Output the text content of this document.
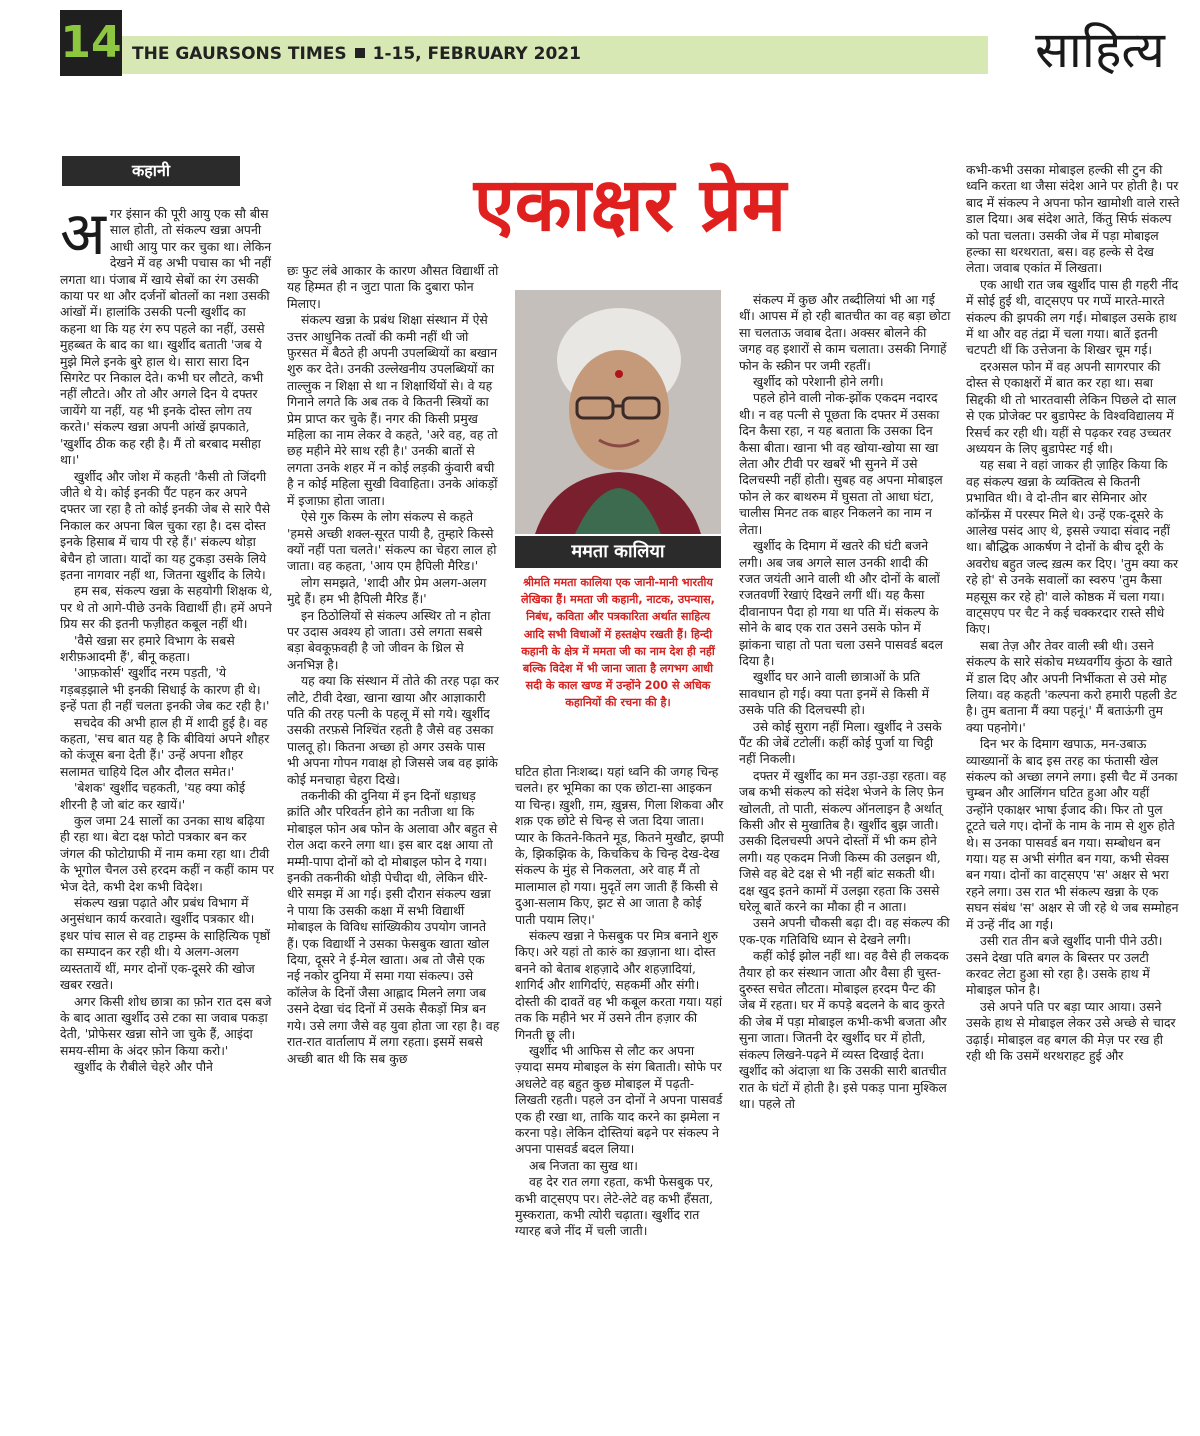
14 THE GAURSONS TIMES 1-15, FEBRUARY 2021	साहित्य
कहानी	एकाक्षर प्रेम
ममता कालिया
श्रीमति ममता कालिया एक जानी-मानी भारतीय लेखिका हैं। ममता जी कहानी, नाटक, उपन्यास, निबंध, कविता और पत्रकारिता अर्थात साहित्य आदि सभी विधाओं में हस्तक्षेप रखती हैं। हिन्दी कहानी के क्षेत्र में ममता जी का नाम देश ही नहीं बल्कि विदेश में भी जाना जाता है लगभग आधी सदी के काल खण्ड में उन्होंने 200 से अधिक कहानियों की रचना की है।
अ गर इंसान की पूरी आयु एक सौ बीस साल होती, तो संकल्प खन्ना अपनी आधी आयु पार कर चुका था। लेकिन देखने में वह अभी पचास का भी नहीं लगता था। पंजाब में खाये सेबों का रंग उसकी काया पर था और दर्जनों बोतलों का नशा उसकी आंखों में। हालांकि उसकी पत्नी खुर्शीद का कहना था कि यह रंग रुप पहले का नहीं, उससे मुहब्बत के बाद का था। खुर्शीद बताती 'जब ये मुझे मिले इनके बुरे हाल थे। सारा सारा दिन सिगरेट पर निकाल देते। कभी घर लौटते, कभी नहीं लौटते। और तो और अगले दिन ये दफ्तर जायेंगे या नहीं, यह भी इनके दोस्त लोग तय करते।' संकल्प खन्ना अपनी आंखें झपकाते, 'खुर्शीद ठीक कह रही है। मैं तो बरबाद मसीहा था।'

खुर्शीद और जोश में कहती 'कैसी तो जिंदगी जीते थे ये। कोई इनकी पैंट पहन कर अपने दफ्तर जा रहा है तो कोई इनकी जेब से सारे पैसे निकाल कर अपना बिल चुका रहा है। दस दोस्त इनके हिसाब में चाय पी रहे हैं।' संकल्प थोड़ा बेचैन हो जाता। यादों का यह टुकड़ा उसके लिये इतना नागवार नहीं था, जितना खुर्शीद के लिये।

हम सब, संकल्प खन्ना के सहयोगी शिक्षक थे, पर थे तो आगे-पीछे उनके विद्यार्थी ही। हमें अपने प्रिय सर की इतनी फज़ीहत कबूल नहीं थी।

'वैसे खन्ना सर हमारे विभाग के सबसे शरीफ़आदमी हैं', बीनू कहता।

'आफ़कोर्स' खुर्शीद नरम पड़ती, 'ये गड़बड़झाले भी इनकी सिधाई के कारण ही थे। इन्हें पता ही नहीं चलता इनकी जेब कट रही है।'

सचदेव की अभी हाल ही में शादी हुई है। वह कहता, 'सच बात यह है कि बीवियां अपने शौहर को कंजूस बना देती हैं।' उन्हें अपना शौहर सलामत चाहिये दिल और दौलत समेत।'

'बेशक' खुर्शीद चहकती, 'यह क्या कोई शीरनी है जो बांट कर खायें।'

कुल जमा 24 सालों का उनका साथ बढ़िया ही रहा था। बेटा दक्ष फोटो पत्रकार बन कर जंगल की फोटोग्राफी में नाम कमा रहा था। टीवी के भूगोल चैनल उसे हरदम कहीं न कहीं काम पर भेज देते, कभी देश कभी विदेश।

संकल्प खन्ना पढ़ाते और प्रबंध विभाग में अनुसंधान कार्य करवाते। खुर्शीद पत्रकार थी। इधर पांच साल से वह टाइम्स के साहित्यिक पृष्ठों का सम्पादन कर रही थी। ये अलग-अलग व्यस्ततायें थीं, मगर दोनों एक-दूसरे की खोज खबर रखते।

अगर किसी शोध छात्रा का फ़ोन रात दस बजे के बाद आता खुर्शीद उसे टका सा जवाब पकड़ा देती, 'प्रोफेसर खन्ना सोने जा चुके हैं, आइंदा समय-सीमा के अंदर फ़ोन किया करो।'

खुर्शीद के रौबीले चेहरे और पौने

छः फुट लंबे आकार के कारण औसत विद्यार्थी तो यह हिम्मत ही न जुटा पाता कि दुबारा फोन मिलाए।

संकल्प खन्ना के प्रबंध शिक्षा संस्थान में ऐसे उत्तर आधुनिक तत्वों की कमी नहीं थी जो फ़ुरसत में बैठते ही अपनी उपलब्धियों का बखान शुरु कर देते। उनकी उल्लेखनीय उपलब्धियों का ताल्लुक न शिक्षा से था न शिक्षार्थियों से। वे यह गिनाने लगते कि अब तक वे कितनी स्त्रियों का प्रेम प्राप्त कर चुके हैं। नगर की किसी प्रमुख महिला का नाम लेकर वे कहते, 'अरे वह, वह तो छह महीने मेरे साथ रही है।' उनकी बातों से लगता उनके शहर में न कोई लड़की कुंवारी बची है न कोई महिला सुखी विवाहिता। उनके आंकड़ों में इजाफ़ा होता जाता।

ऐसे गुरु किस्म के लोग संकल्प से कहते 'हमसे अच्छी शक्ल-सूरत पायी है, तुम्हारे किस्से क्यों नहीं पता चलते।' संकल्प का चेहरा लाल हो जाता। वह कहता, 'आय एम हैपिली मैरिड।'

लोग समझते, 'शादी और प्रेम अलग-अलग मुद्दे हैं। हम भी हैपिली मैरिड हैं।'

इन ठिठोलियों से संकल्प अस्थिर तो न होता पर उदास अवश्य हो जाता। उसे लगता सबसे बड़ा बेवकूफ़वही है जो जीवन के थ्रिल से अनभिज्ञ है।

यह क्या कि संस्थान में तोते की तरह पढ़ा कर लौटे, टीवी देखा, खाना खाया और आज्ञाकारी पति की तरह पत्नी के पहलू में सो गये। खुर्शीद उसकी तरफ़से निश्चिंत रहती है जैसे वह उसका पालतू हो। कितना अच्छा हो अगर उसके पास भी अपना गोपन गवाक्ष हो जिससे जब वह झांके कोई मनचाहा चेहरा दिखे।

तकनीकी की दुनिया में इन दिनों धड़ाधड़ क्रांति और परिवर्तन होने का नतीजा था कि मोबाइल फोन अब फोन के अलावा और बहुत से रोल अदा करने लगा था। इस बार दक्ष आया तो मम्मी-पापा दोनों को दो मोबाइल फोन दे गया। इनकी तकनीकी थोड़ी पेचीदा थी, लेकिन धीरे-धीरे समझ में आ गई। इसी दौरान संकल्प खन्ना ने पाया कि उसकी कक्षा में सभी विद्यार्थी मोबाइल के विविध सांख्यिकीय उपयोग जानते हैं। एक विद्यार्थी ने उसका फेसबुक खाता खोल दिया, दूसरे ने ई-मेल खाता। अब तो जैसे एक नई नकोर दुनिया में समा गया संकल्प। उसे कॉलेज के दिनों जैसा आह्लाद मिलने लगा जब उसने देखा चंद दिनों में उसके सैकड़ों मित्र बन गये। उसे लगा जैसे वह युवा होता जा रहा है। वह रात-रात वार्तालाप में लगा रहता। इसमें सबसे अच्छी बात थी कि सब कुछ

घटित होता निःशब्द। यहां ध्वनि की जगह चिन्ह चलते। हर भूमिका का एक छोटा-सा आइकन या चिन्ह। ख़ुशी, ग़म, ख़ुन्नस, गिला शिकवा और शक़ एक छोटे से चिन्ह से जता दिया जाता। प्यार के कितने-कितने मूड, कितने मुखौट, झप्पी के, झिकझिक के, किचकिच के चिन्ह देख-देख संकल्प के मुंह से निकलता, अरे वाह मैं तो मालामाल हो गया। मुदृतें लग जाती हैं किसी से दुआ-सलाम किए, झट से आ जाता है कोई पाती पयाम लिए।'

संकल्प खन्ना ने फेसबुक पर मित्र बनाने शुरु किए। अरे यहां तो कारुं का ख़ज़ाना था। दोस्त बनने को बेताब शहज़ादे और शहज़ादियां, शागिर्द और शागिर्दाएं, सहकर्मी और संगी। दोस्ती की दावतें वह भी कबूल करता गया। यहां तक कि महीने भर में उसने तीन हज़ार की गिनती छू ली।

खुर्शीद भी आफिस से लौट कर अपना ज़्यादा समय मोबाइल के संग बिताती। सोफे पर अधलेटे वह बहुत कुछ मोबाइल में पढ़ती-लिखती रहती। पहले उन दोनों ने अपना पासवर्ड एक ही रखा था, ताकि याद करने का झमेला न करना पड़े। लेकिन दोस्तियां बढ़ने पर संकल्प ने अपना पासवर्ड बदल लिया।

अब निजता का सुख था।

वह देर रात लगा रहता, कभी फेसबुक पर, कभी वाट्सएप पर। लेटे-लेटे वह कभी हँसता, मुस्कराता, कभी त्योरी चढ़ाता। खुर्शीद रात ग्यारह बजे नींद में चली जाती।

संकल्प में कुछ और तब्दीलियां भी आ गई थीं। आपस में हो रही बातचीत का वह बड़ा छोटा सा चलताऊ जवाब देता। अक्सर बोलने की जगह वह इशारों से काम चलाता। उसकी निगाहें फोन के स्क्रीन पर जमी रहतीं।

खुर्शीद को परेशानी होने लगी।

पहले होने वाली नोक-झोंक एकदम नदारद थी। न वह पत्नी से पूछता कि दफ्तर में उसका दिन कैसा रहा, न यह बताता कि उसका दिन कैसा बीता। खाना भी वह खोया-खोया सा खा लेता और टीवी पर खबरें भी सुनने में उसे दिलचस्पी नहीं होती। सुबह वह अपना मोबाइल फोन ले कर बाथरुम में घुसता तो आधा घंटा, चालीस मिनट तक बाहर निकलने का नाम न लेता।

खुर्शीद के दिमाग में खतरे की घंटी बजने लगी। अब जब अगले साल उनकी शादी की रजत जयंती आने वाली थी और दोनों के बालों रजतवर्णी रेखाएं दिखने लगीं थीं। यह कैसा दीवानापन पैदा हो गया था पति में। संकल्प के सोने के बाद एक रात उसने उसके फोन में झांकना चाहा तो पता चला उसने पासवर्ड बदल दिया है।

खुर्शीद घर आने वाली छात्राओं के प्रति सावधान हो गई। क्या पता इनमें से किसी में उसके पति की दिलचस्पी हो।

उसे कोई सुराग नहीं मिला। खुर्शीद ने उसके पैंट की जेबें टटोलीं। कहीं कोई पुर्जा या चिट्ठी नहीं निकली।

दफ्तर में खुर्शीद का मन उड़ा-उड़ा रहता। वह जब कभी संकल्प को संदेश भेजने के लिए फ़ेन खोलती, तो पाती, संकल्प ऑनलाइन है अर्थात् किसी और से मुखातिब है। खुर्शीद बुझ जाती। उसकी दिलचस्पी अपने दोस्तों में भी कम होने लगी। यह एकदम निजी किस्म की उलझन थी, जिसे वह बेटे दक्ष से भी नहीं बांट सकती थी। दक्ष खुद इतने कामों में उलझा रहता कि उससे घरेलू बातें करने का मौका ही न आता।

उसने अपनी चौकसी बढ़ा दी। वह संकल्प की एक-एक गतिविधि ध्यान से देखने लगी।

कहीं कोई झोल नहीं था। वह वैसे ही लकदक तैयार हो कर संस्थान जाता और वैसा ही चुस्त-दुरुस्त सचेत लौटता। मोबाइल हरदम पैन्ट की जेब में रहता। घर में कपड़े बदलने के बाद कुरते की जेब में पड़ा मोबाइल कभी-कभी बजता और सुना जाता। जितनी देर खुर्शीद घर में होती, संकल्प लिखने-पढ़ने में व्यस्त दिखाई देता। खुर्शीद को अंदाज़ा था कि उसकी सारी बातचीत रात के घंटों में होती है। इसे पकड़ पाना मुश्किल था। पहले तो

कभी-कभी उसका मोबाइल हल्की सी टुन की ध्वनि करता था जैसा संदेश आने पर होती है। पर बाद में संकल्प ने अपना फोन खामोशी वाले रास्ते डाल दिया। अब संदेश आते, किंतु सिर्फ संकल्प को पता चलता। उसकी जेब में पड़ा मोबाइल हल्का सा थरथराता, बस। वह हल्के से देख लेता। जवाब एकांत में लिखता।

एक आधी रात जब खुर्शीद पास ही गहरी नींद में सोई हुई थी, वाट्सएप पर गप्पें मारते-मारते संकल्प की झपकी लग गई। मोबाइल उसके हाथ में था और वह तंद्रा में चला गया। बातें इतनी चटपटी थीं कि उत्तेजना के शिखर चूम गई।

दरअसल फोन में वह अपनी सागरपार की दोस्त से एकाक्षरों में बात कर रहा था। सबा सिद्दकी थी तो भारतवासी लेकिन पिछले दो साल से एक प्रोजेक्ट पर बुडापेस्ट के विश्वविद्यालय में रिसर्च कर रही थी। यहीं से पढ़कर रवह उच्चतर अध्ययन के लिए बुडापेस्ट गई थी।

यह सबा ने वहां जाकर ही ज़ाहिर किया कि वह संकल्प खन्ना के व्यक्तित्व से कितनी प्रभावित थी। वे दो-तीन बार सेमिनार ओर कॉन्फ्रेंस में परस्पर मिले थे। उन्हें एक-दूसरे के आलेख पसंद आए थे, इससे ज्यादा संवाद नहीं था। बौद्धिक आकर्षण ने दोनों के बीच दूरी के अवरोध बहुत जल्द ख़त्म कर दिए। 'तुम क्या कर रहे हो' से उनके सवालों का स्वरुप 'तुम कैसा महसूस कर रहे हो' वाले कोष्ठक में चला गया। वाट्सएप पर चैट ने कई चक्करदार रास्ते सीधे किए।

सबा तेज़ और तेवर वाली स्त्री थी। उसने संकल्प के सारे संकोच मध्यवर्गीय कुंठा के खाते में डाल दिए और अपनी निर्भीकता से उसे मोह लिया। वह कहती 'कल्पना करो हमारी पहली डेट है। तुम बताना मैं क्या पहनूं।' मैं बताऊंगी तुम क्या पहनोगे।'

दिन भर के दिमाग खपाऊ, मन-उबाऊ व्याख्यानों के बाद इस तरह का फंतासी खेल संकल्प को अच्छा लगने लगा। इसी चैट में उनका चुम्बन और आलिंगन घटित हुआ और यहीं उन्होंने एकाक्षर भाषा ईजाद की। फिर तो पुल टूटते चले गए। दोनों के नाम के नाम से शुरु होते थे। स उनका पासवर्ड बन गया। सम्बोधन बन गया। यह स अभी संगीत बन गया, कभी सेक्स बन गया। दोनों का वाट्सएप 'स' अक्षर से भरा रहने लगा। उस रात भी संकल्प खन्ना के एक सघन संबंध 'स' अक्षर से जी रहे थे जब सम्मोहन में उन्हें नींद आ गई।

उसी रात तीन बजे खुर्शीद पानी पीने उठी। उसने देखा पति बगल के बिस्तर पर उलटी करवट लेटा हुआ सो रहा है। उसके हाथ में मोबाइल फोन है।

उसे अपने पति पर बड़ा प्यार आया। उसने उसके हाथ से मोबाइल लेकर उसे अच्छे से चादर उढ़ाई। मोबाइल वह बगल की मेज़ पर रख ही रही थी कि उसमें थरथराहट हुई और
